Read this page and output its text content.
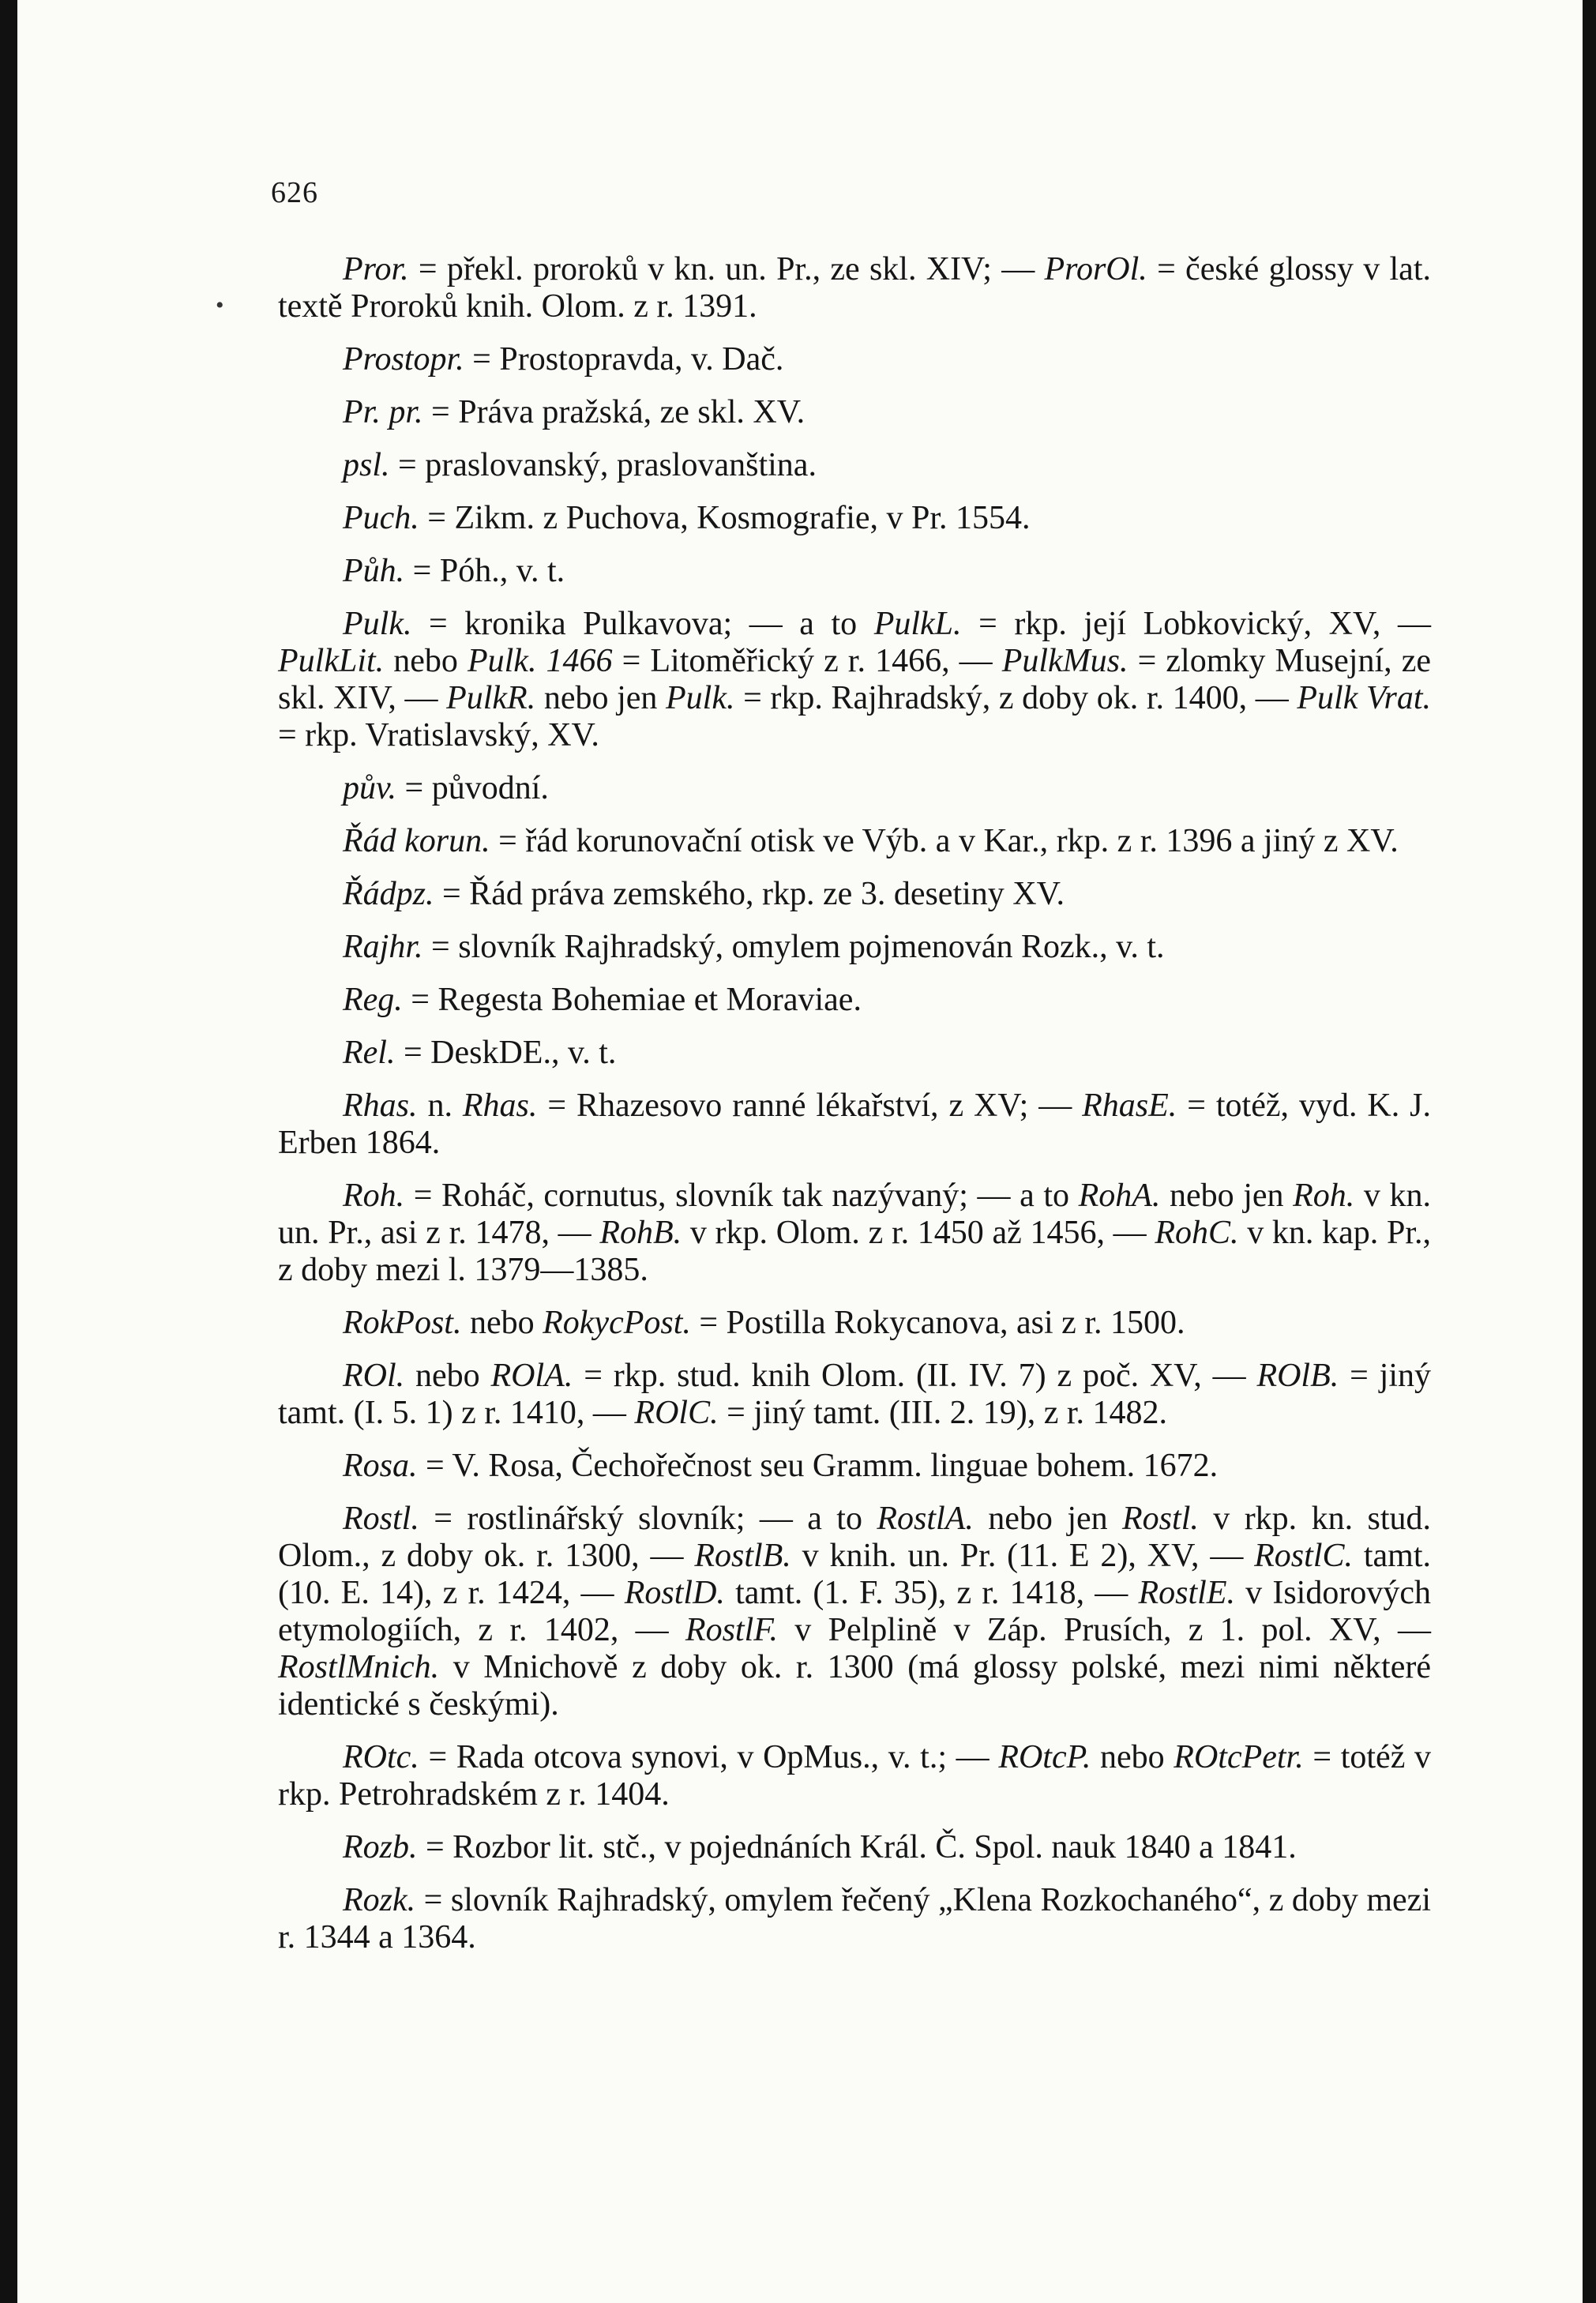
626
•

Pror. = překl. proroků v kn. un. Pr., ze skl. XIV; — ProrOl. = české glossy v lat. textě Proroků knih. Olom. z r. 1391.

Prostopr. = Prostopravda, v. Dač.

Pr. pr. = Práva pražská, ze skl. XV.

psl. = praslovanský, praslovanština.

Puch. = Zikm. z Puchova, Kosmografie, v Pr. 1554.

Půh. = Póh., v. t.

Pulk. = kronika Pulkavova; — a to PulkL. = rkp. její Lobkovický, XV, — PulkLit. nebo Pulk. 1466 = Litoměřický z r. 1466, — PulkMus. = zlomky Musejní, ze skl. XIV, — PulkR. nebo jen Pulk. = rkp. Rajhradský, z doby ok. r. 1400, — Pulk Vrat. = rkp. Vratislavský, XV.

pův. = původní.

Řád korun. = řád korunovační otisk ve Výb. a v Kar., rkp. z r. 1396 a jiný z XV.

Řádpz. = Řád práva zemského, rkp. ze 3. desetiny XV.

Rajhr. = slovník Rajhradský, omylem pojmenován Rozk., v. t.

Reg. = Regesta Bohemiae et Moraviae.

Rel. = DeskDE., v. t.

Rhas. n. Rhas. = Rhazesovo ranné lékařství, z XV; — RhasE. = totéž, vyd. K. J. Erben 1864.

Roh. = Roháč, cornutus, slovník tak nazývaný; — a to RohA. nebo jen Roh. v kn. un. Pr., asi z r. 1478, — RohB. v rkp. Olom. z r. 1450 až 1456, — RohC. v kn. kap. Pr., z doby mezi l. 1379—1385.

RokPost. nebo RokycPost. = Postilla Rokycanova, asi z r. 1500.

ROl. nebo ROlA. = rkp. stud. knih Olom. (II. IV. 7) z poč. XV, — ROlB. = jiný tamt. (I. 5. 1) z r. 1410, — ROlC. = jiný tamt. (III. 2. 19), z r. 1482.

Rosa. = V. Rosa, Čechořečnost seu Gramm. linguae bohem. 1672.

Rostl. = rostlinářský slovník; — a to RostlA. nebo jen Rostl. v rkp. kn. stud. Olom., z doby ok. r. 1300, — RostlB. v knih. un. Pr. (11. E 2), XV, — RostlC. tamt. (10. E. 14), z r. 1424, — RostlD. tamt. (1. F. 35), z r. 1418, — RostlE. v Isidorových etymologiích, z r. 1402, — RostlF. v Pelplině v Záp. Prusích, z 1. pol. XV, — RostlMnich. v Mnichově z doby ok. r. 1300 (má glossy polské, mezi nimi některé identické s českými).

ROtc. = Rada otcova synovi, v OpMus., v. t.; — ROtcP. nebo ROtcPetr. = totéž v rkp. Petrohradském z r. 1404.

Rozb. = Rozbor lit. stč., v pojednáních Král. Č. Spol. nauk 1840 a 1841.

Rozk. = slovník Rajhradský, omylem řečený „Klena Rozkochaného“, z doby mezi r. 1344 a 1364.
